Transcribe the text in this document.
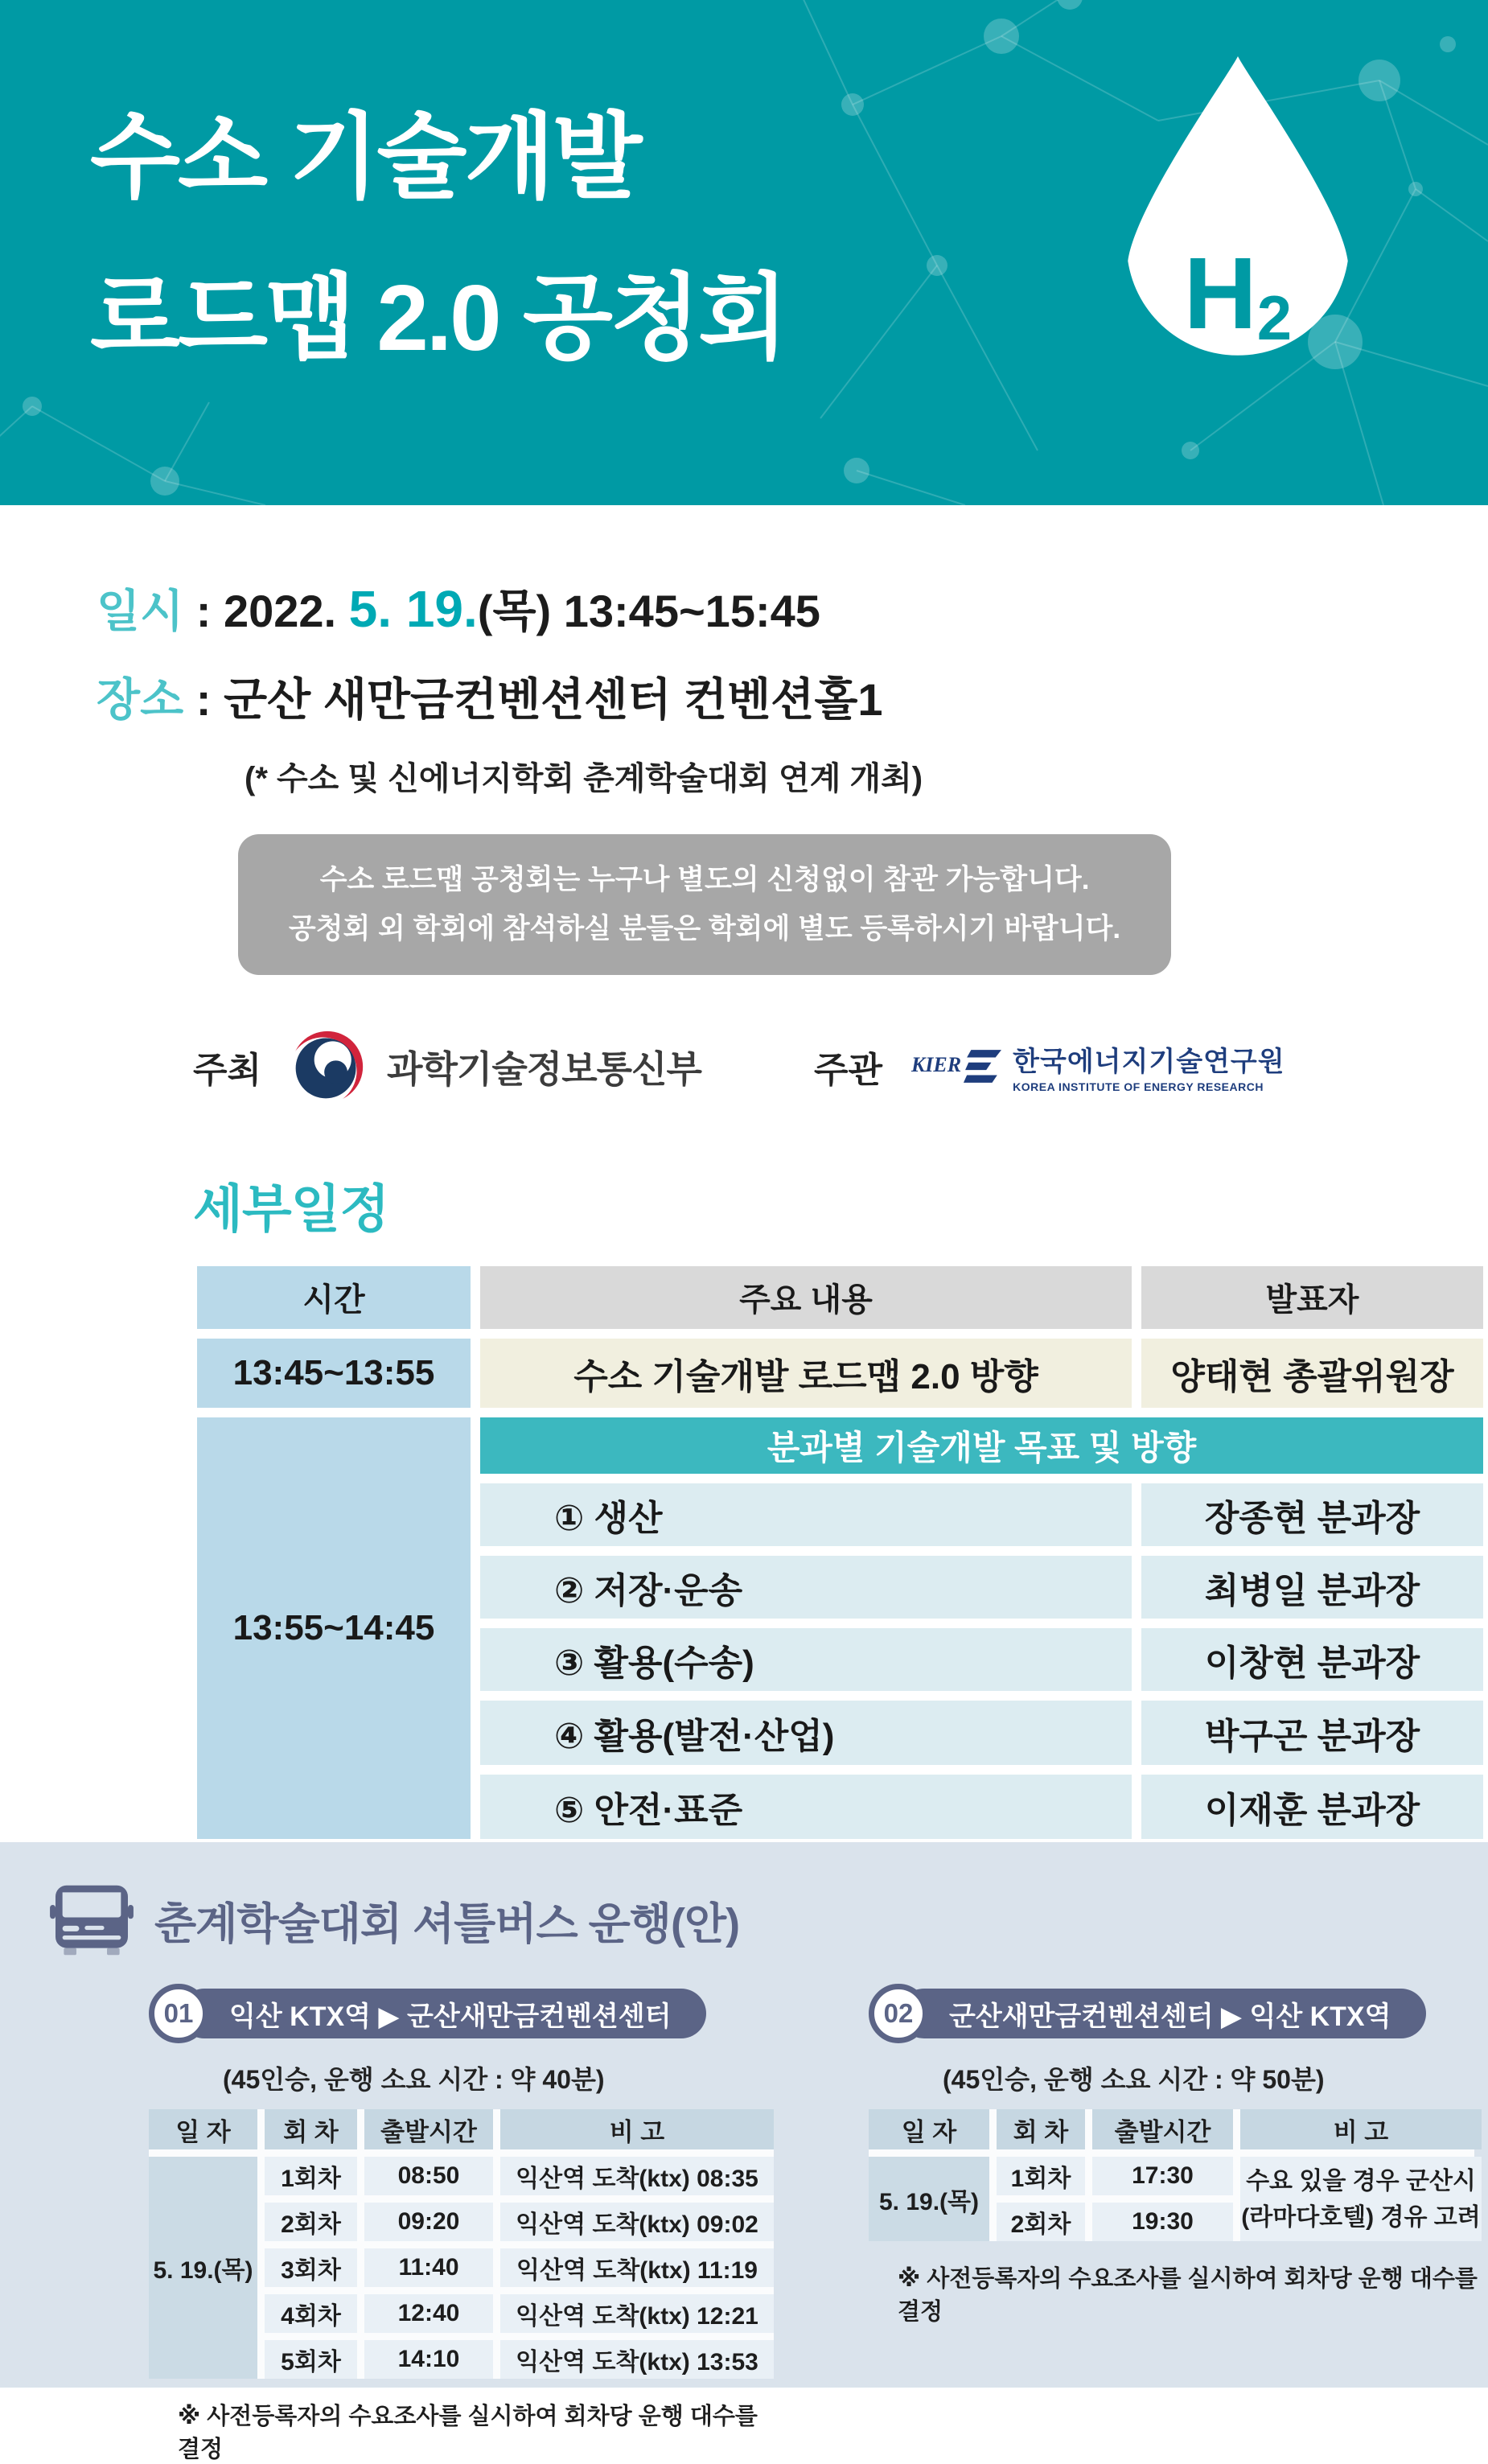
수소 기술개발
로드맵 2.0 공청회	H2
일시 : 2022. 5. 19.(목) 13:45~15:45
장소 : 군산 새만금컨벤션센터 컨벤션홀1
(* 수소 및 신에너지학회 춘계학술대회 연계 개최)
수소 로드맵 공청회는 누구나 별도의 신청없이 참관 가능합니다.
공청회 외 학회에 참석하실 분들은 학회에 별도 등록하시기 바랍니다.
주최	과학기술정보통신부	주관 KIER 한국에너지기술연구원
KOREA INSTITUTE OF ENERGY RESEARCH
세부일정
시간	주요 내용	발표자
13:45~13:55	수소 기술개발 로드맵 2.0 방향	양태현 총괄위원장
13:55~14:45
분과별 기술개발 목표 및 방향
① 생산	장종현 분과장
② 저장·운송	최병일 분과장
③ 활용(수송)	이창현 분과장
④ 활용(발전·산업)	박구곤 분과장
⑤ 안전·표준	이재훈 분과장
춘계학술대회 셔틀버스 운행(안)
01	익산 KTX역 ▶ 군산새만금컨벤션센터
(45인승, 운행 소요 시간 : 약 40분)
일 자	회 차	출발시간	비 고
5. 19.(목)
1회차	08:50	익산역 도착(ktx) 08:35
2회차	09:20	익산역 도착(ktx) 09:02
3회차	11:40	익산역 도착(ktx) 11:19
4회차	12:40	익산역 도착(ktx) 12:21
5회차	14:10	익산역 도착(ktx) 13:53
※ 사전등록자의 수요조사를 실시하여 회차당 운행 대수를 결정
02	군산새만금컨벤션센터 ▶ 익산 KTX역
(45인승, 운행 소요 시간 : 약 50분)
일 자	회 차	출발시간	비 고
5. 19.(목)
수요 있을 경우 군산시
(라마다호텔) 경유 고려
1회차	17:30
2회차	19:30
※ 사전등록자의 수요조사를 실시하여 회차당 운행 대수를 결정
